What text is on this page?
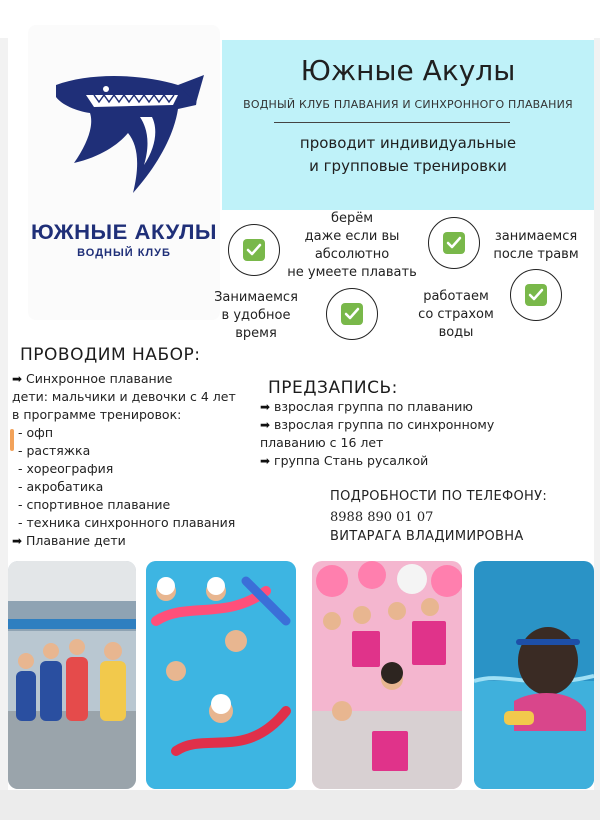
ЮЖНЫЕ АКУЛЫ
ВОДНЫЙ КЛУБ
Южные Акулы
ВОДНЫЙ КЛУБ ПЛАВАНИЯ И СИНХРОННОГО ПЛАВАНИЯ
проводит индивидуальные
и групповые тренировки
берём
даже если вы
абсолютно
не умеете плавать
занимаемся
после травм
Занимаемся
в удобное
время
работаем
со страхом
воды
ПРОВОДИМ НАБОР:
➡ Синхронное плавание
дети: мальчики и девочки с 4 лет
в программе тренировок:
- офп
- растяжка
- хореография
- акробатика
- спортивное плавание
- техника синхронного плавания
➡ Плавание дети
ПРЕДЗАПИСЬ:
➡ взрослая группа по плаванию
➡ взрослая группа по синхронному
плаванию с 16 лет
➡ группа Стань русалкой
ПОДРОБНОСТИ ПО ТЕЛЕФОНУ:
8988 890 01 07
ВИТАРАГА ВЛАДИМИРОВНА
